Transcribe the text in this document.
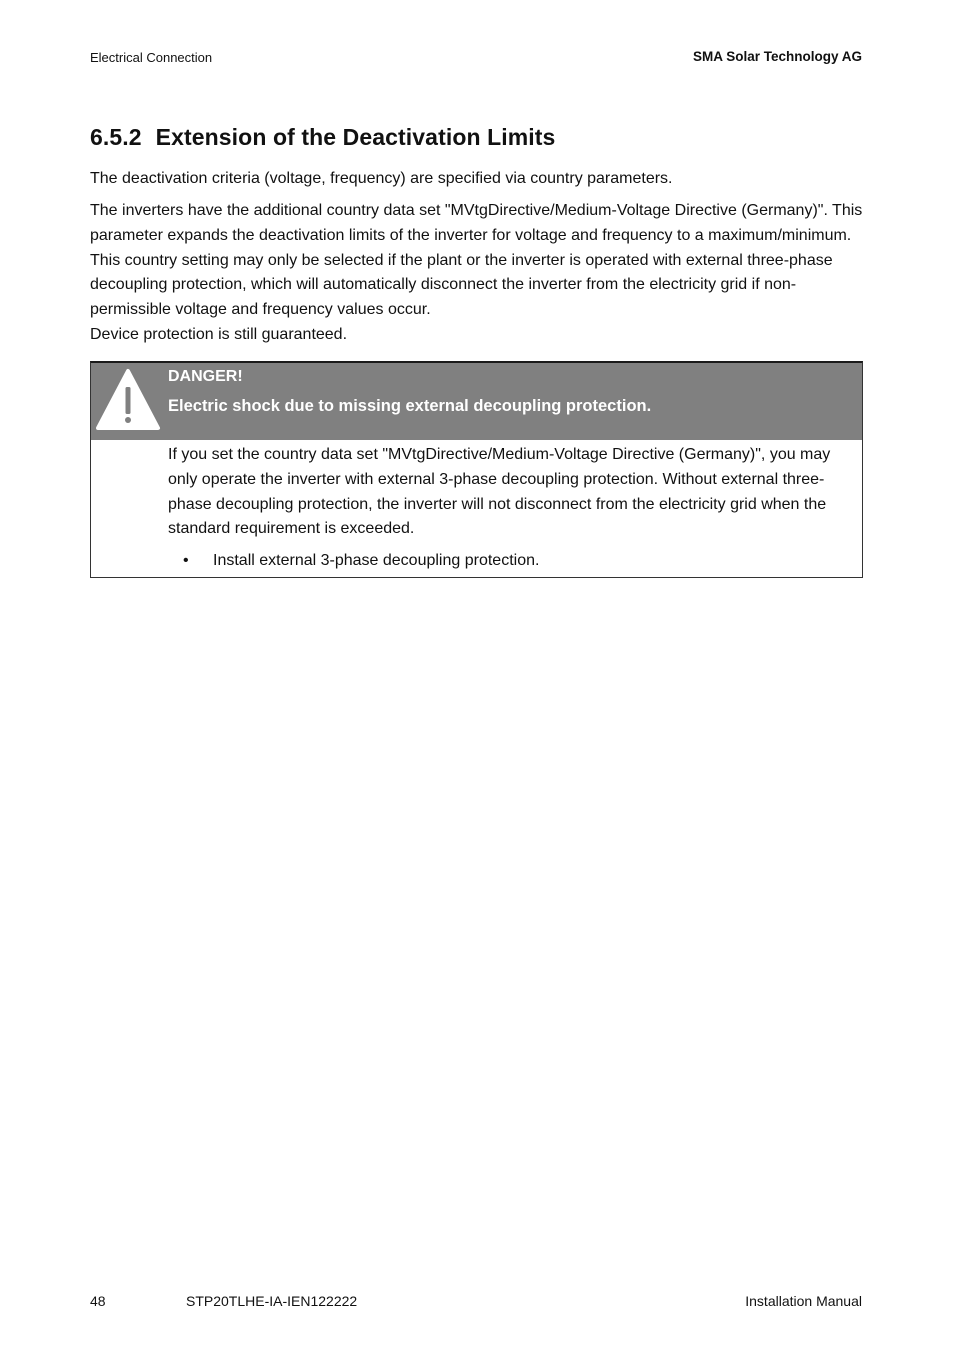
Electrical Connection	SMA Solar Technology AG
6.5.2 Extension of the Deactivation Limits

The deactivation criteria (voltage, frequency) are specified via country parameters.

The inverters have the additional country data set "MVtgDirective/Medium-Voltage Directive (Germany)". This parameter expands the deactivation limits of the inverter for voltage and frequency to a maximum/minimum. This country setting may only be selected if the plant or the inverter is operated with external three-phase decoupling protection, which will automatically disconnect the inverter from the electricity grid if non-permissible voltage and frequency values occur.
Device protection is still guaranteed.
DANGER!
Electric shock due to missing external decoupling protection.

If you set the country data set "MVtgDirective/Medium-Voltage Directive (Germany)", you may only operate the inverter with external 3-phase decoupling protection. Without external three-phase decoupling protection, the inverter will not disconnect from the electricity grid when the standard requirement is exceeded.

• Install external 3-phase decoupling protection.
48	STP20TLHE-IA-IEN122222	Installation Manual
